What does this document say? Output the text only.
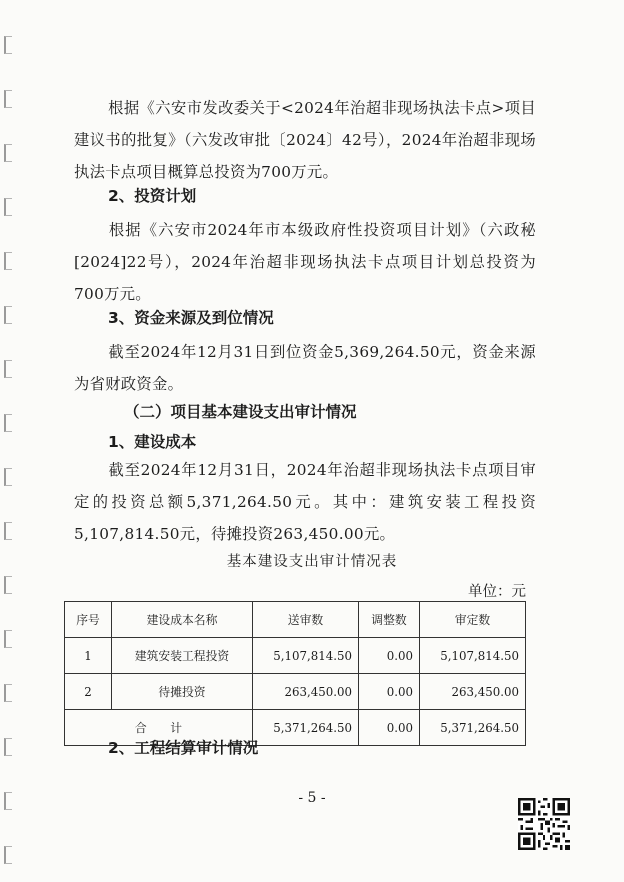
根据《六安市发改委关于<2024年治超非现场执法卡点>项目建议书的批复》（六发改审批〔2024〕42号），2024年治超非现场执法卡点项目概算总投资为700万元。

2、投资计划

根据《六安市2024年市本级政府性投资项目计划》（六政秘[2024]22号），2024年治超非现场执法卡点项目计划总投资为700万元。

3、资金来源及到位情况

截至2024年12月31日到位资金5,369,264.50元，资金来源为省财政资金。

（二）项目基本建设支出审计情况

1、建设成本

截至2024年12月31日，2024年治超非现场执法卡点项目审定的投资总额5,371,264.50元。其中：建筑安装工程投资5,107,814.50元，待摊投资263,450.00元。

基本建设支出审计情况表
单位：元
序号	建设成本名称	送审数	调整数	审定数
1	建筑安装工程投资	5,107,814.50	0.00	5,107,814.50
2	待摊投资	263,450.00	0.00	263,450.00
合　　计		5,371,264.50	0.00	5,371,264.50

2、工程结算审计情况

- 5 -
